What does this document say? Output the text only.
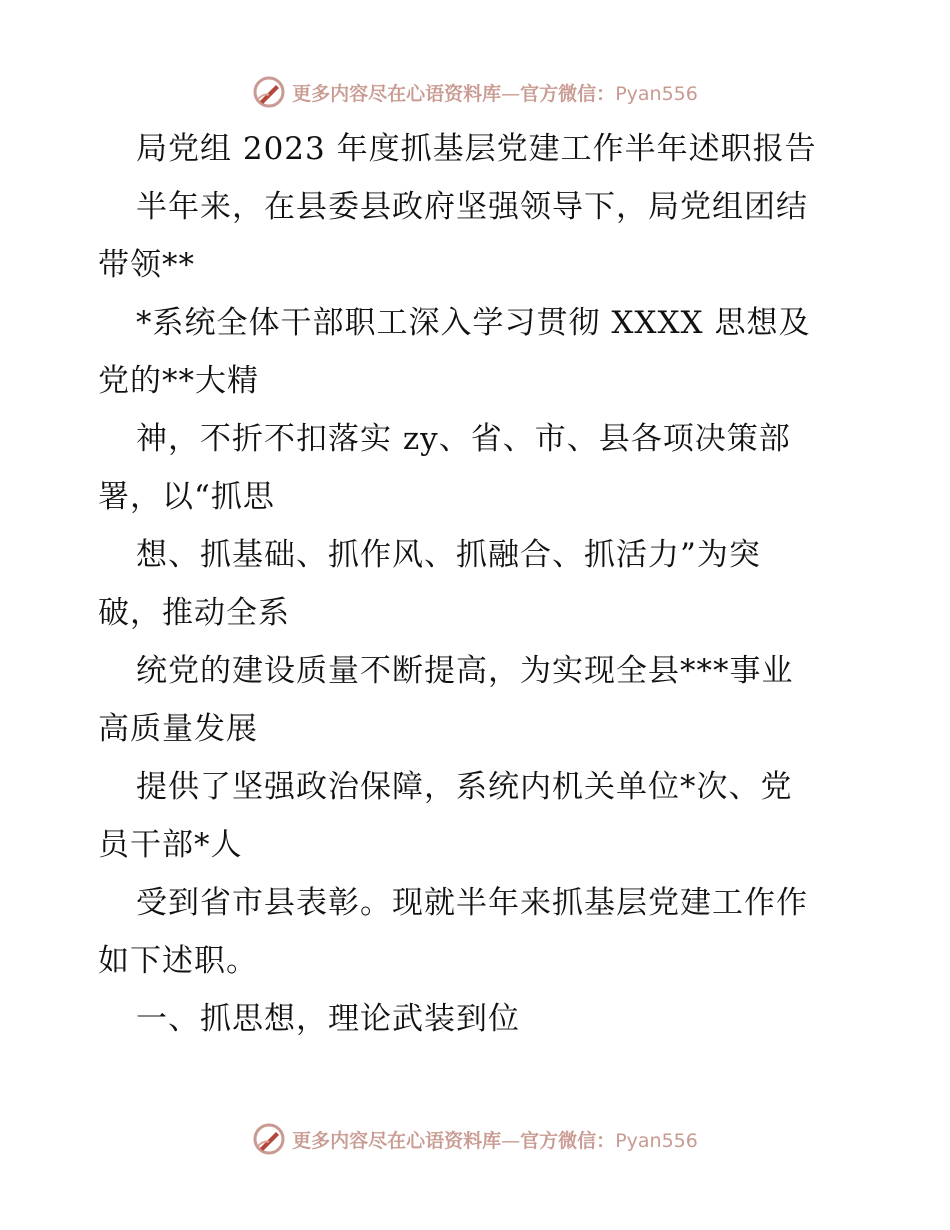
更多内容尽在心语资料库 — 官方微信： Pyan556
局党组 2023 年度抓基层党建工作半年述职报告
半年来，在县委县政府坚强领导下，局党组团结
带领**
*系统全体干部职工深入学习贯彻 XXXX 思想及
党的**大精
神，不折不扣落实 zy、省、市、县各项决策部
署，以“抓思
想、抓基础、抓作风、抓融合、抓活力”为突
破，推动全系
统党的建设质量不断提高，为实现全县***事业
高质量发展
提供了坚强政治保障，系统内机关单位*次、党
员干部*人
受到省市县表彰。现就半年来抓基层党建工作作
如下述职。
一、抓思想，理论武装到位
更多内容尽在心语资料库 — 官方微信： Pyan556
